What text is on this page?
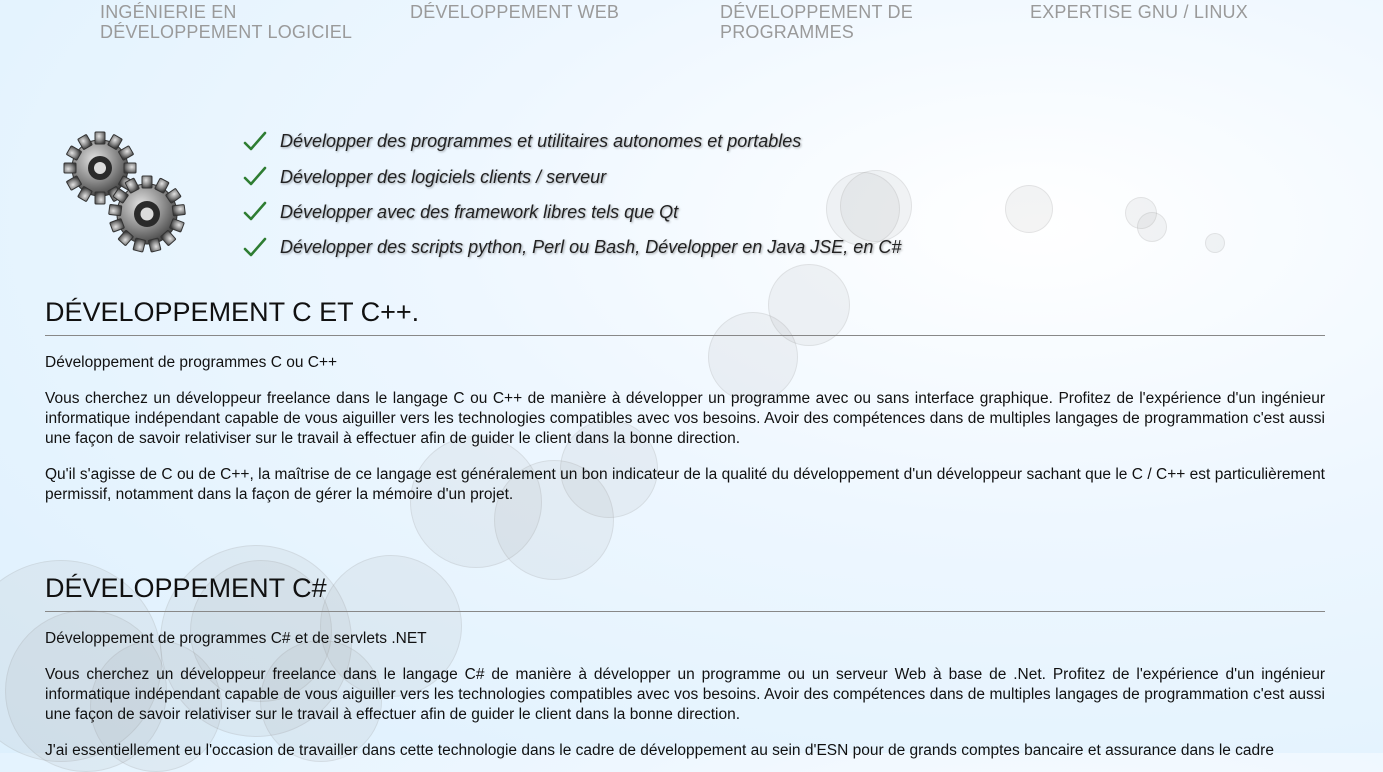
INGÉNIERIE EN DÉVELOPPEMENT LOGICIEL
DÉVELOPPEMENT WEB	DÉVELOPPEMENT DE PROGRAMMES
EXPERTISE GNU / LINUX
Développer des programmes et utilitaires autonomes et portables
Développer des logiciels clients / serveur
Développer avec des framework libres tels que Qt
Développer des scripts python, Perl ou Bash, Développer en Java JSE, en C#
DÉVELOPPEMENT C ET C++.

Développement de programmes C ou C++

Vous cherchez un développeur freelance dans le langage C ou C++ de manière à développer un programme avec ou sans interface graphique. Profitez de l'expérience d'un ingénieur informatique indépendant capable de vous aiguiller vers les technologies compatibles avec vos besoins. Avoir des compétences dans de multiples langages de programmation c'est aussi une façon de savoir relativiser sur le travail à effectuer afin de guider le client dans la bonne direction.

Qu'il s'agisse de C ou de C++, la maîtrise de ce langage est généralement un bon indicateur de la qualité du développement d'un développeur sachant que le C / C++ est particulièrement permissif, notamment dans la façon de gérer la mémoire d'un projet.

DÉVELOPPEMENT C#

Développement de programmes C# et de servlets .NET

Vous cherchez un développeur freelance dans le langage C# de manière à développer un programme ou un serveur Web à base de .Net. Profitez de l'expérience d'un ingénieur informatique indépendant capable de vous aiguiller vers les technologies compatibles avec vos besoins. Avoir des compétences dans de multiples langages de programmation c'est aussi une façon de savoir relativiser sur le travail à effectuer afin de guider le client dans la bonne direction.

J'ai essentiellement eu l'occasion de travailler dans cette technologie dans le cadre de développement au sein d'ESN pour de grands comptes bancaire et assurance dans le cadre
